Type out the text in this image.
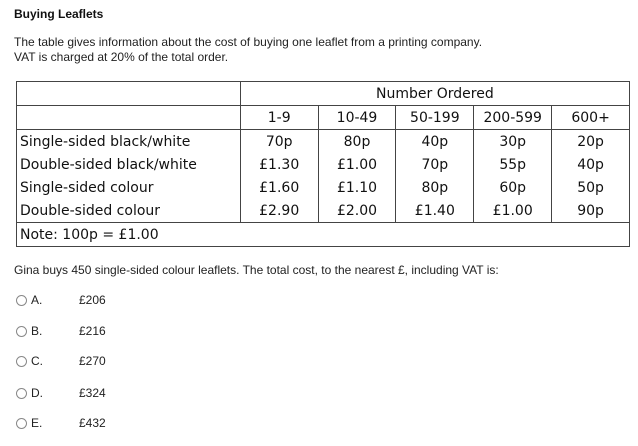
Buying Leaflets
The table gives information about the cost of buying one leaflet from a printing company.
VAT is charged at 20% of the total order.
	Number Ordered				
	1-9	10-49	50-199	200-599	600+
Single-sided black/white	70p	80p	40p	30p	20p
Double-sided black/white	£1.30	£1.00	70p	55p	40p
Single-sided colour	£1.60	£1.10	80p	60p	50p
Double-sided colour	£2.90	£2.00	£1.40	£1.00	90p
Note: 100p = £1.00					
Gina buys 450 single-sided colour leaflets. The total cost, to the nearest £, including VAT is:
A.	£206
B.	£216
C.	£270
D.	£324
E.	£432
